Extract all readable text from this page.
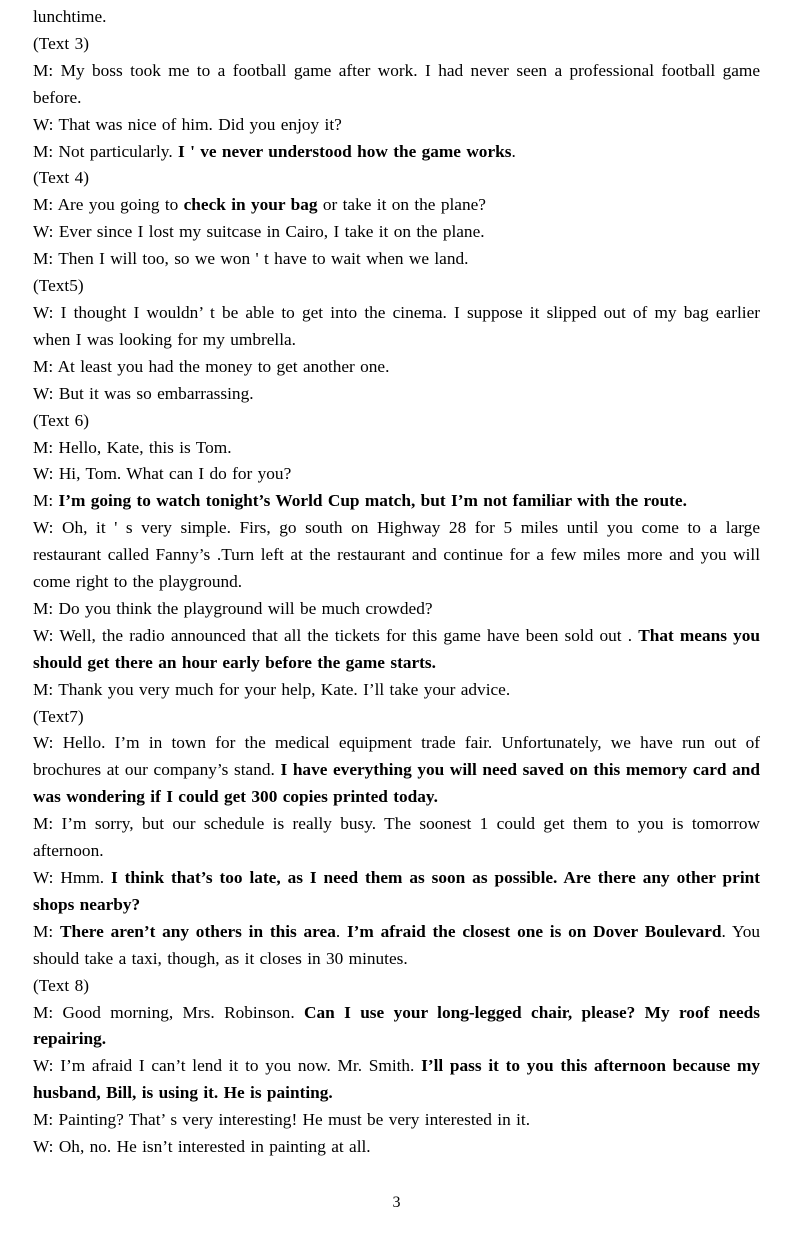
lunchtime.

(Text 3)

M: My boss took me to a football game after work. I had never seen a professional football game before.

W: That was nice of him. Did you enjoy it?

M: Not particularly. I ' ve never understood how the game works.

(Text 4)

M: Are you going to check in your bag or take it on the plane?

W: Ever since I lost my suitcase in Cairo, I take it on the plane.

M: Then I will too, so we won ' t have to wait when we land.

(Text5)

W: I thought I wouldn’ t be able to get into the cinema. I suppose it slipped out of my bag earlier when I was looking for my umbrella.

M: At least you had the money to get another one.

W: But it was so embarrassing.

(Text 6)

M: Hello, Kate, this is Tom.

W: Hi, Tom. What can I do for you?

M: I’m going to watch tonight’s World Cup match, but I’m not familiar with the route.

W: Oh, it ' s very simple. Firs, go south on Highway 28 for 5 miles until you come to a large restaurant called Fanny’s .Turn left at the restaurant and continue for a few miles more and you will come right to the playground.

M: Do you think the playground will be much crowded?

W: Well, the radio announced that all the tickets for this game have been sold out . That means you should get there an hour early before the game starts.

M: Thank you very much for your help, Kate. I’ll take your advice.

(Text7)

W: Hello. I’m in town for the medical equipment trade fair. Unfortunately, we have run out of brochures at our company’s stand. I have everything you will need saved on this memory card and was wondering if I could get 300 copies printed today.

M: I’m sorry, but our schedule is really busy. The soonest 1 could get them to you is tomorrow afternoon.

W: Hmm. I think that’s too late, as I need them as soon as possible. Are there any other print shops nearby?

M: There aren’t any others in this area. I’m afraid the closest one is on Dover Boulevard. You should take a taxi, though, as it closes in 30 minutes.

(Text 8)

M: Good morning, Mrs. Robinson. Can I use your long-legged chair, please? My roof needs repairing.

W: I’m afraid I can’t lend it to you now. Mr. Smith. I’ll pass it to you this afternoon because my husband, Bill, is using it. He is painting.

M: Painting? That’ s very interesting! He must be very interested in it.

W: Oh, no. He isn’t interested in painting at all.

3
